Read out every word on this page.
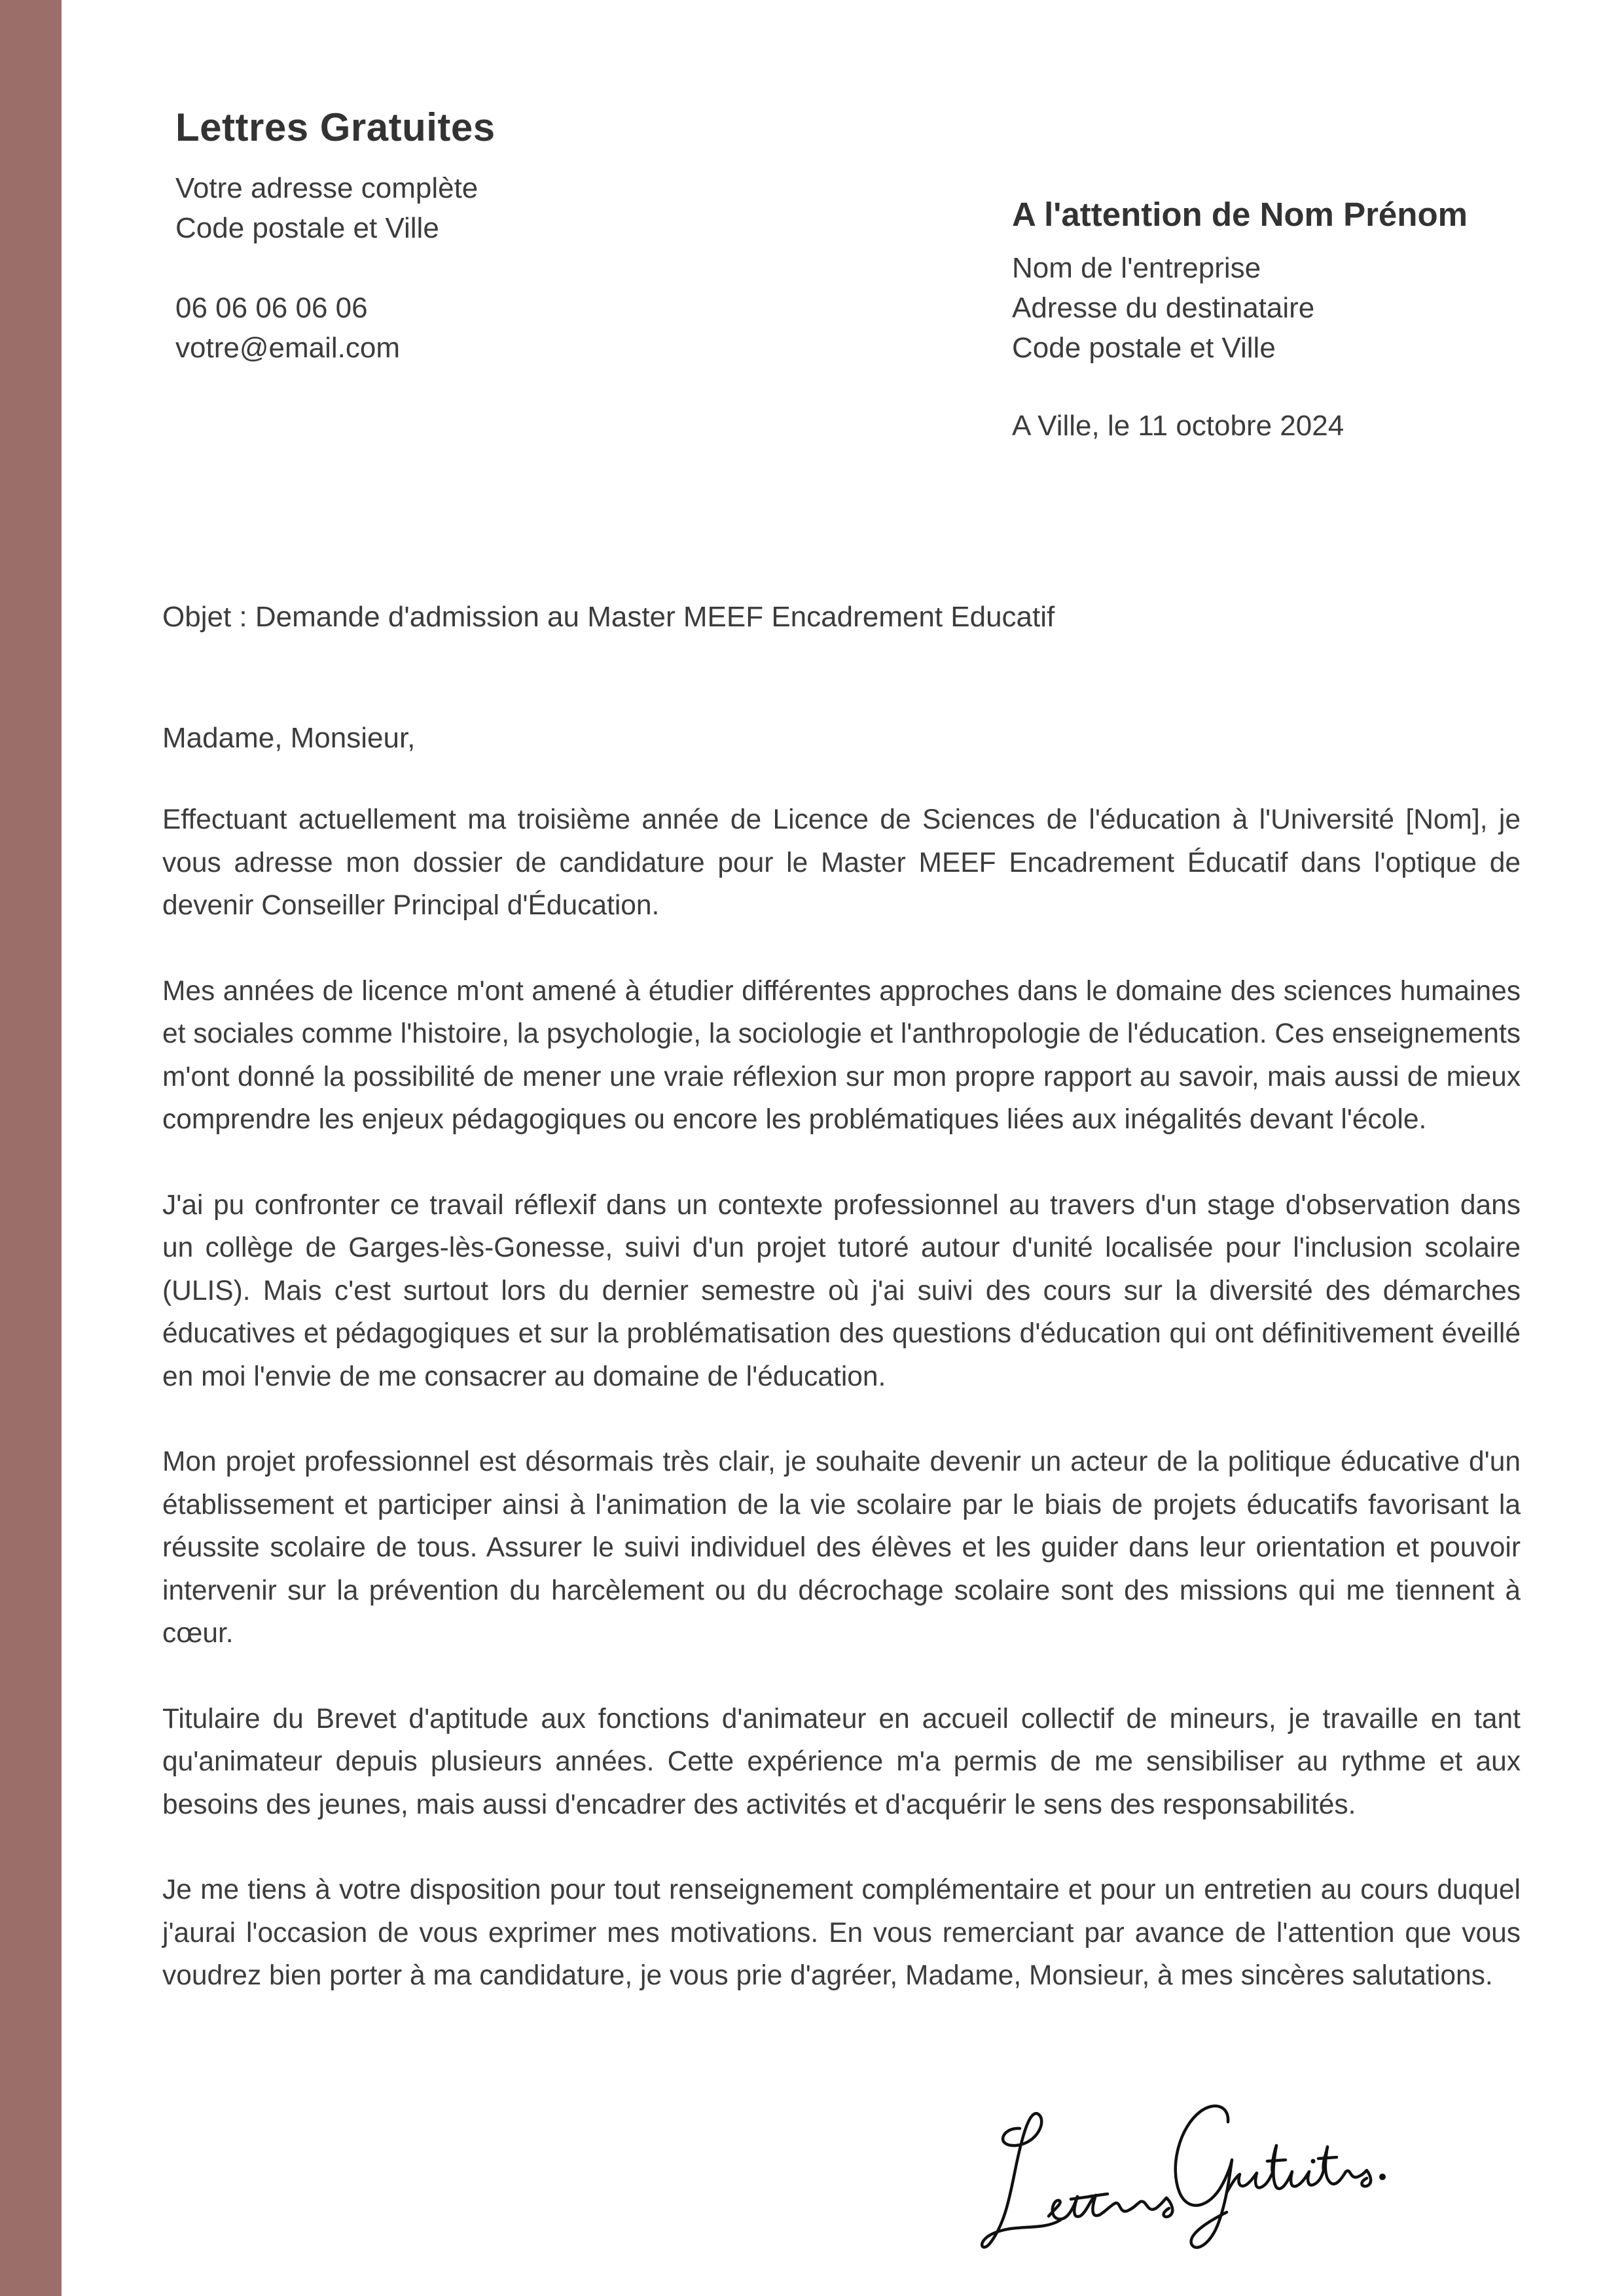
Lettres Gratuites
Votre adresse complète
Code postale et Ville
06 06 06 06 06
votre@email.com
A l'attention de Nom Prénom
Nom de l'entreprise
Adresse du destinataire
Code postale et Ville
A Ville, le 11 octobre 2024
Objet : Demande d'admission au Master MEEF Encadrement Educatif
Madame, Monsieur,

Effectuant actuellement ma troisième année de Licence de Sciences de l'éducation à l'Université [Nom], je vous adresse mon dossier de candidature pour le Master MEEF Encadrement Éducatif dans l'optique de devenir Conseiller Principal d'Éducation.

Mes années de licence m'ont amené à étudier différentes approches dans le domaine des sciences humaines et sociales comme l'histoire, la psychologie, la sociologie et l'anthropologie de l'éducation. Ces enseignements m'ont donné la possibilité de mener une vraie réflexion sur mon propre rapport au savoir, mais aussi de mieux comprendre les enjeux pédagogiques ou encore les problématiques liées aux inégalités devant l'école.

J'ai pu confronter ce travail réflexif dans un contexte professionnel au travers d'un stage d'observation dans un collège de Garges-lès-Gonesse, suivi d'un projet tutoré autour d'unité localisée pour l'inclusion scolaire (ULIS). Mais c'est surtout lors du dernier semestre où j'ai suivi des cours sur la diversité des démarches éducatives et pédagogiques et sur la problématisation des questions d'éducation qui ont définitivement éveillé en moi l'envie de me consacrer au domaine de l'éducation.

Mon projet professionnel est désormais très clair, je souhaite devenir un acteur de la politique éducative d'un établissement et participer ainsi à l'animation de la vie scolaire par le biais de projets éducatifs favorisant la réussite scolaire de tous. Assurer le suivi individuel des élèves et les guider dans leur orientation et pouvoir intervenir sur la prévention du harcèlement ou du décrochage scolaire sont des missions qui me tiennent à cœur.

Titulaire du Brevet d'aptitude aux fonctions d'animateur en accueil collectif de mineurs, je travaille en tant qu'animateur depuis plusieurs années. Cette expérience m'a permis de me sensibiliser au rythme et aux besoins des jeunes, mais aussi d'encadrer des activités et d'acquérir le sens des responsabilités.

Je me tiens à votre disposition pour tout renseignement complémentaire et pour un entretien au cours duquel j'aurai l'occasion de vous exprimer mes motivations. En vous remerciant par avance de l'attention que vous voudrez bien porter à ma candidature, je vous prie d'agréer, Madame, Monsieur, à mes sincères salutations.
